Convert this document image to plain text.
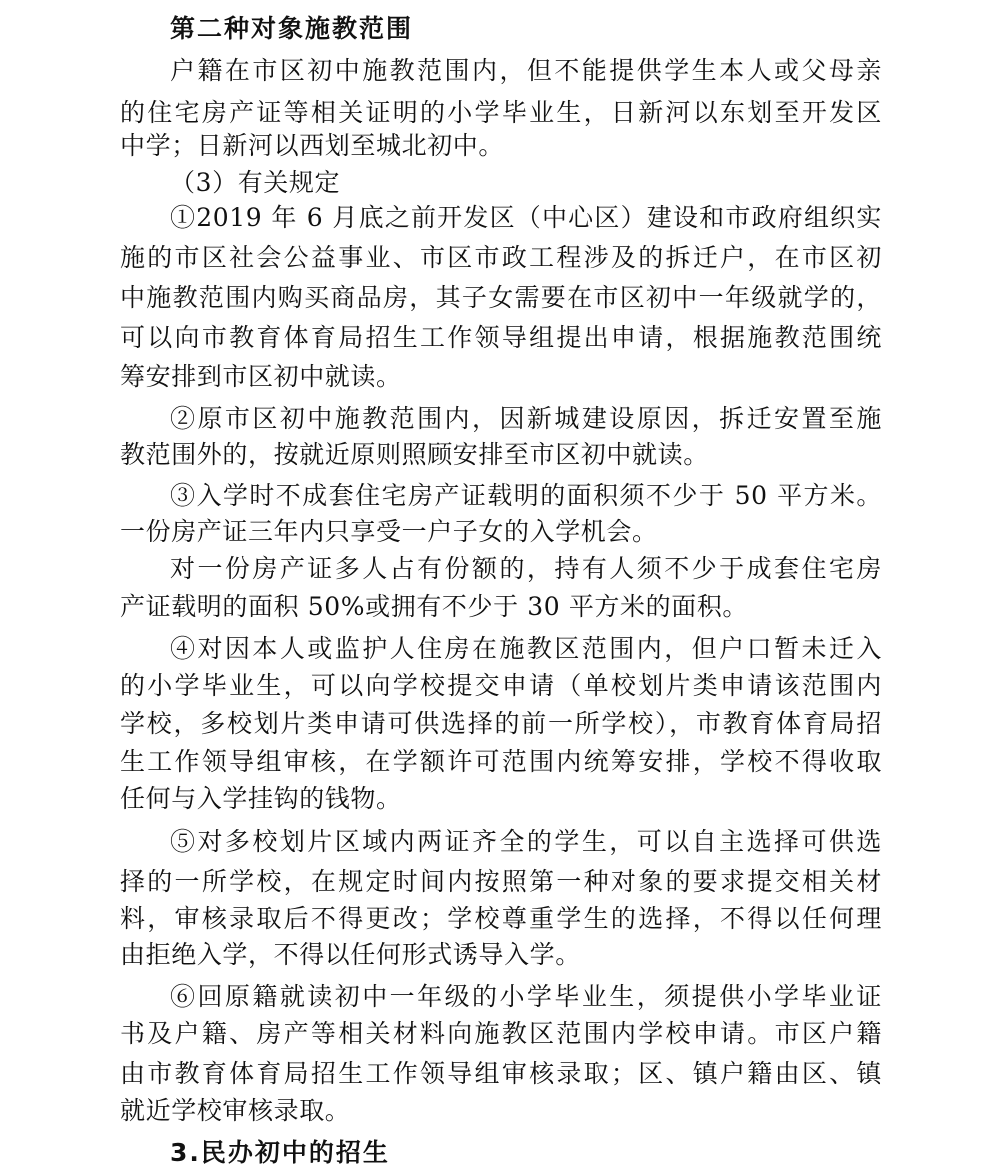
第二种对象施教范围
户籍在市区初中施教范围内，但不能提供学生本人或父母亲
的住宅房产证等相关证明的小学毕业生，日新河以东划至开发区
中学；日新河以西划至城北初中。
（3）有关规定
①2019 年 6 月底之前开发区（中心区）建设和市政府组织实
施的市区社会公益事业、市区市政工程涉及的拆迁户，在市区初
中施教范围内购买商品房，其子女需要在市区初中一年级就学的，
可以向市教育体育局招生工作领导组提出申请，根据施教范围统
筹安排到市区初中就读。
②原市区初中施教范围内，因新城建设原因，拆迁安置至施
教范围外的，按就近原则照顾安排至市区初中就读。
③入学时不成套住宅房产证载明的面积须不少于 50 平方米。
一份房产证三年内只享受一户子女的入学机会。
对一份房产证多人占有份额的，持有人须不少于成套住宅房
产证载明的面积 50%或拥有不少于 30 平方米的面积。
④对因本人或监护人住房在施教区范围内，但户口暂未迁入
的小学毕业生，可以向学校提交申请（单校划片类申请该范围内
学校，多校划片类申请可供选择的前一所学校），市教育体育局招
生工作领导组审核，在学额许可范围内统筹安排，学校不得收取
任何与入学挂钩的钱物。
⑤对多校划片区域内两证齐全的学生，可以自主选择可供选
择的一所学校，在规定时间内按照第一种对象的要求提交相关材
料，审核录取后不得更改；学校尊重学生的选择，不得以任何理
由拒绝入学，不得以任何形式诱导入学。
⑥回原籍就读初中一年级的小学毕业生，须提供小学毕业证
书及户籍、房产等相关材料向施教区范围内学校申请。市区户籍
由市教育体育局招生工作领导组审核录取；区、镇户籍由区、镇
就近学校审核录取。
3.民办初中的招生
